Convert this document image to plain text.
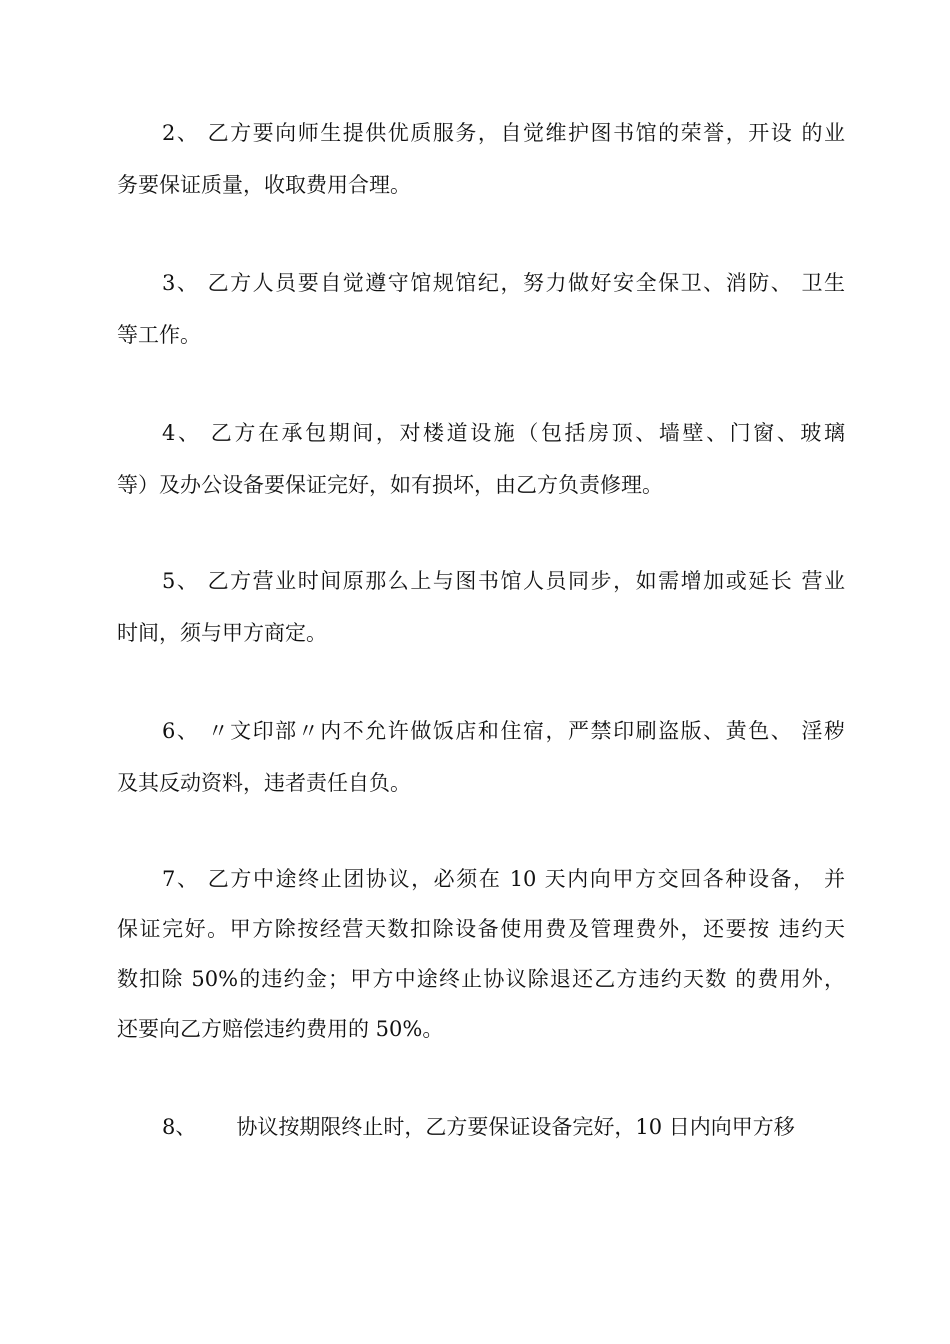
2、 乙方要向师生提供优质服务，自觉维护图书馆的荣誉，开设 的业
务要保证质量，收取费用合理。
3、 乙方人员要自觉遵守馆规馆纪，努力做好安全保卫、消防、 卫生
等工作。
4、 乙方在承包期间，对楼道设施（包括房顶、墙壁、门窗、玻璃
等）及办公设备要保证完好，如有损坏，由乙方负责修理。
5、 乙方营业时间原那么上与图书馆人员同步，如需增加或延长 营业
时间，须与甲方商定。
6、 〃文印部〃内不允许做饭店和住宿，严禁印刷盗版、黄色、 淫秽
及其反动资料，违者责任自负。
7、 乙方中途终止团协议，必须在 10 天内向甲方交回各种设备， 并
保证完好。甲方除按经营天数扣除设备使用费及管理费外，还要按 违约天
数扣除 50%的违约金；甲方中途终止协议除退还乙方违约天数 的费用外，
还要向乙方赔偿违约费用的 50%。
8、      协议按期限终止时，乙方要保证设备完好，10 日内向甲方移
